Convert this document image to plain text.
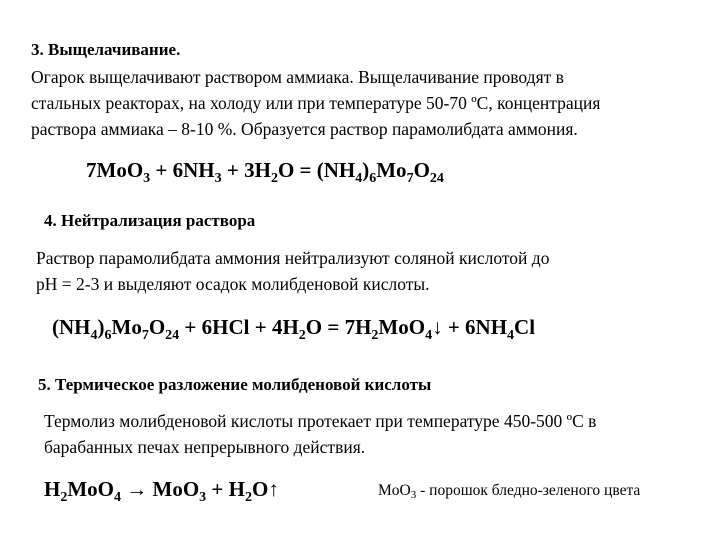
3. Выщелачивание.
Огарок выщелачивают раствором аммиака. Выщелачивание проводят в
стальных реакторах, на холоду или при температуре 50-70 ºС, концентрация
раствора аммиака – 8-10 %. Образуется раствор парамолибдата аммония.
$7MoO_3 + 6NH_3 + 3H_2O = (NH_4)_6Mo_7O_{24}$
4. Нейтрализация раствора
Раствор парамолибдата аммония нейтрализуют соляной кислотой до
pH = 2-3 и выделяют осадок молибденовой кислоты.
$(NH_4)_6Mo_7O_{24} + 6HCl + 4H_2O$ = $7H_2MoO_4↓ + 6NH_4Cl$
5. Термическое разложение молибденовой кислоты
Термолиз молибденовой кислоты протекает при температуре 450-500 ºС в
барабанных печах непрерывного действия.
$H_2MoO_4 \to MoO_3$ + $H_2O↑$	MoO$_3$ - порошок бледно-зеленого цвета
